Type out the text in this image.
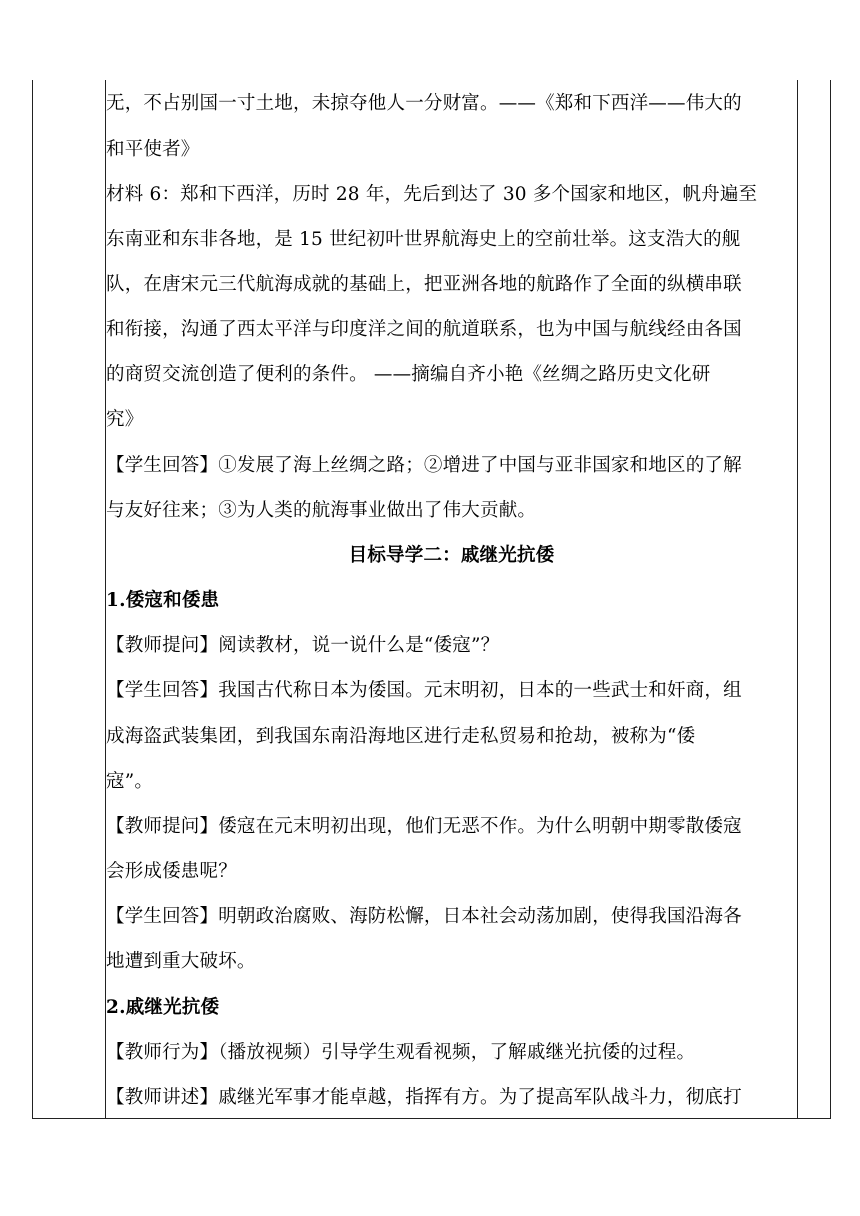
无，不占别国一寸土地，未掠夺他人一分财富。——《郑和下西洋——伟大的
和平使者》
材料 6：郑和下西洋，历时 28 年，先后到达了 30 多个国家和地区，帆舟遍至
东南亚和东非各地，是 15 世纪初叶世界航海史上的空前壮举。这支浩大的舰
队，在唐宋元三代航海成就的基础上，把亚洲各地的航路作了全面的纵横串联
和衔接，沟通了西太平洋与印度洋之间的航道联系，也为中国与航线经由各国
的商贸交流创造了便利的条件。 ——摘编自齐小艳《丝绸之路历史文化研
究》
【学生回答】①发展了海上丝绸之路；②增进了中国与亚非国家和地区的了解
与友好往来；③为人类的航海事业做出了伟大贡献。
目标导学二：戚继光抗倭
1.倭寇和倭患
【教师提问】阅读教材，说一说什么是“倭寇”？
【学生回答】我国古代称日本为倭国。元末明初，日本的一些武士和奸商，组
成海盗武装集团，到我国东南沿海地区进行走私贸易和抢劫，被称为“倭
寇”。
【教师提问】倭寇在元末明初出现，他们无恶不作。为什么明朝中期零散倭寇
会形成倭患呢？
【学生回答】明朝政治腐败、海防松懈，日本社会动荡加剧，使得我国沿海各
地遭到重大破坏。
2.戚继光抗倭
【教师行为】（播放视频）引导学生观看视频，了解戚继光抗倭的过程。
【教师讲述】戚继光军事才能卓越，指挥有方。为了提高军队战斗力，彻底打
